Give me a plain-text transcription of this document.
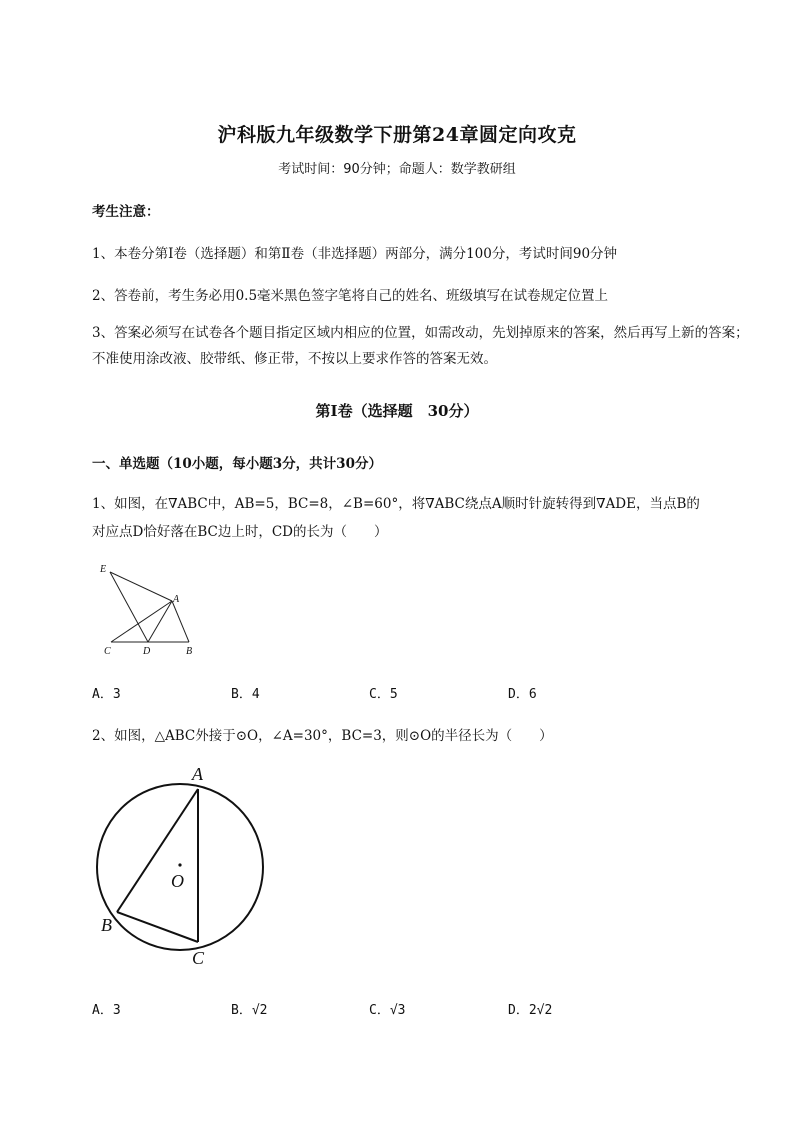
沪科版九年级数学下册第24章圆定向攻克
考试时间：90分钟；命题人：数学教研组
考生注意：
1、本卷分第I卷（选择题）和第Ⅱ卷（非选择题）两部分，满分100分，考试时间90分钟
2、答卷前，考生务必用0.5毫米黑色签字笔将自己的姓名、班级填写在试卷规定位置上
3、答案必须写在试卷各个题目指定区域内相应的位置，如需改动，先划掉原来的答案，然后再写上新的答案；不准使用涂改液、胶带纸、修正带，不按以上要求作答的答案无效。
第I卷（选择题　30分）
一、单选题（10小题，每小题3分，共计30分）
1、如图，在∇ABC中，AB=5，BC=8，∠B=60°，将∇ABC绕点A顺时针旋转得到∇ADE，当点B的
对应点D恰好落在BC边上时，CD的长为（　　）
E
A
C	D	B
A．3	B．4	C．5	D．6
2、如图，△ABC外接于⊙O，∠A=30°，BC=3，则⊙O的半径长为（　　）
A
O
B
C
A．3	B．√2	C．√3	D．2√2
